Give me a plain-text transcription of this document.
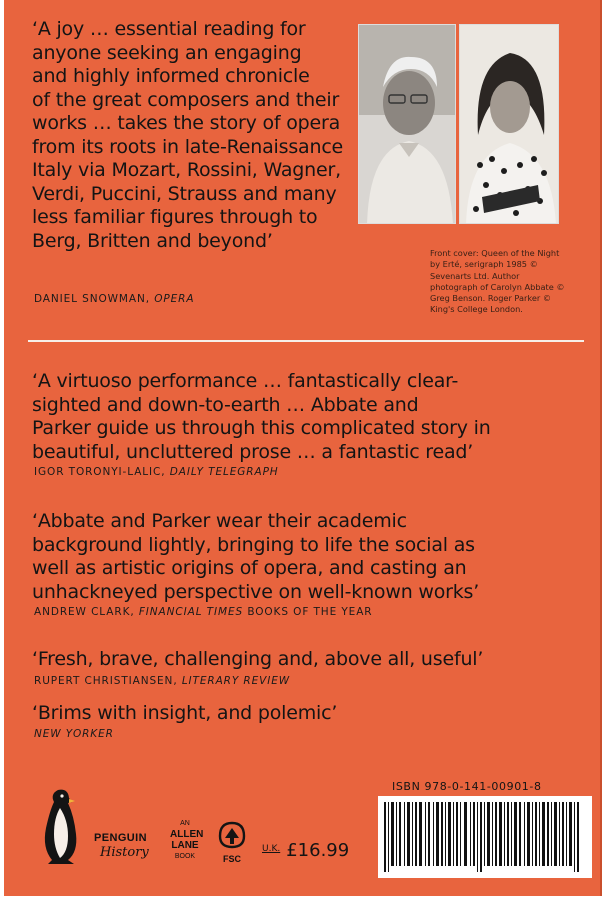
‘A joy … essential reading for
anyone seeking an engaging
and highly informed chronicle
of the great composers and their
works … takes the story of opera
from its roots in late-Renaissance
Italy via Mozart, Rossini, Wagner,
Verdi, Puccini, Strauss and many
less familiar figures through to
Berg, Britten and beyond’
DANIEL SNOWMAN, OPERA
Front cover: Queen of the Night by Erté, serigraph 1985 © Sevenarts Ltd. Author photograph of Carolyn Abbate © Greg Benson. Roger Parker © King's College London.
‘A virtuoso performance … fantastically clear-
sighted and down-to-earth … Abbate and
Parker guide us through this complicated story in
beautiful, uncluttered prose … a fantastic read’
IGOR TORONYI-LALIC, DAILY TELEGRAPH
‘Abbate and Parker wear their academic
background lightly, bringing to life the social as
well as artistic origins of opera, and casting an
unhackneyed perspective on well-known works’
ANDREW CLARK, FINANCIAL TIMES BOOKS OF THE YEAR
‘Fresh, brave, challenging and, above all, useful’
RUPERT CHRISTIANSEN, LITERARY REVIEW
‘Brims with insight, and polemic’
NEW YORKER
PENGUIN
History
AN
ALLEN
LANE
BOOK	FSC
$^{U.K.}$ £16.99
ISBN 978-0-141-00901-8
